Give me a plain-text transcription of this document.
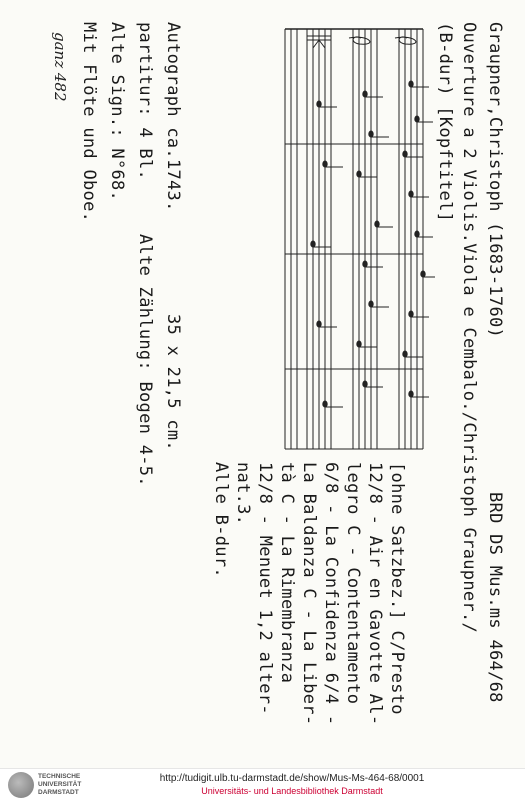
Graupner,Christoph (1683-1760)
BRD DS Mus.ms 464/68
Ouverture a 2 Violis.Viola e Cembalo./Christoph Graupner./
(B-dur) [Kopftitel]
[ohne Satzbez.] C/Presto
12/8 - Air en Gavotte Al-
legro C - Contentamento
6/8 - La Confidenza 6/4 -
La Baldanza C - La Liber-
tà C - La Rimembranza
12/8 - Menuet 1,2 alter-
nat.3.
Alle B-dur.
Autograph ca.1743.
35 x 21,5 cm.
partitur: 4 Bl.
Alte Zählung: Bogen 4-5.
Alte Sign.: N°68.
Mit Flöte und Oboe.
ganz 482
TECHNISCHE
UNIVERSITÄT
DARMSTADT
http://tudigit.ulb.tu-darmstadt.de/show/Mus-Ms-464-68/0001
Universitäts- und Landesbibliothek Darmstadt
